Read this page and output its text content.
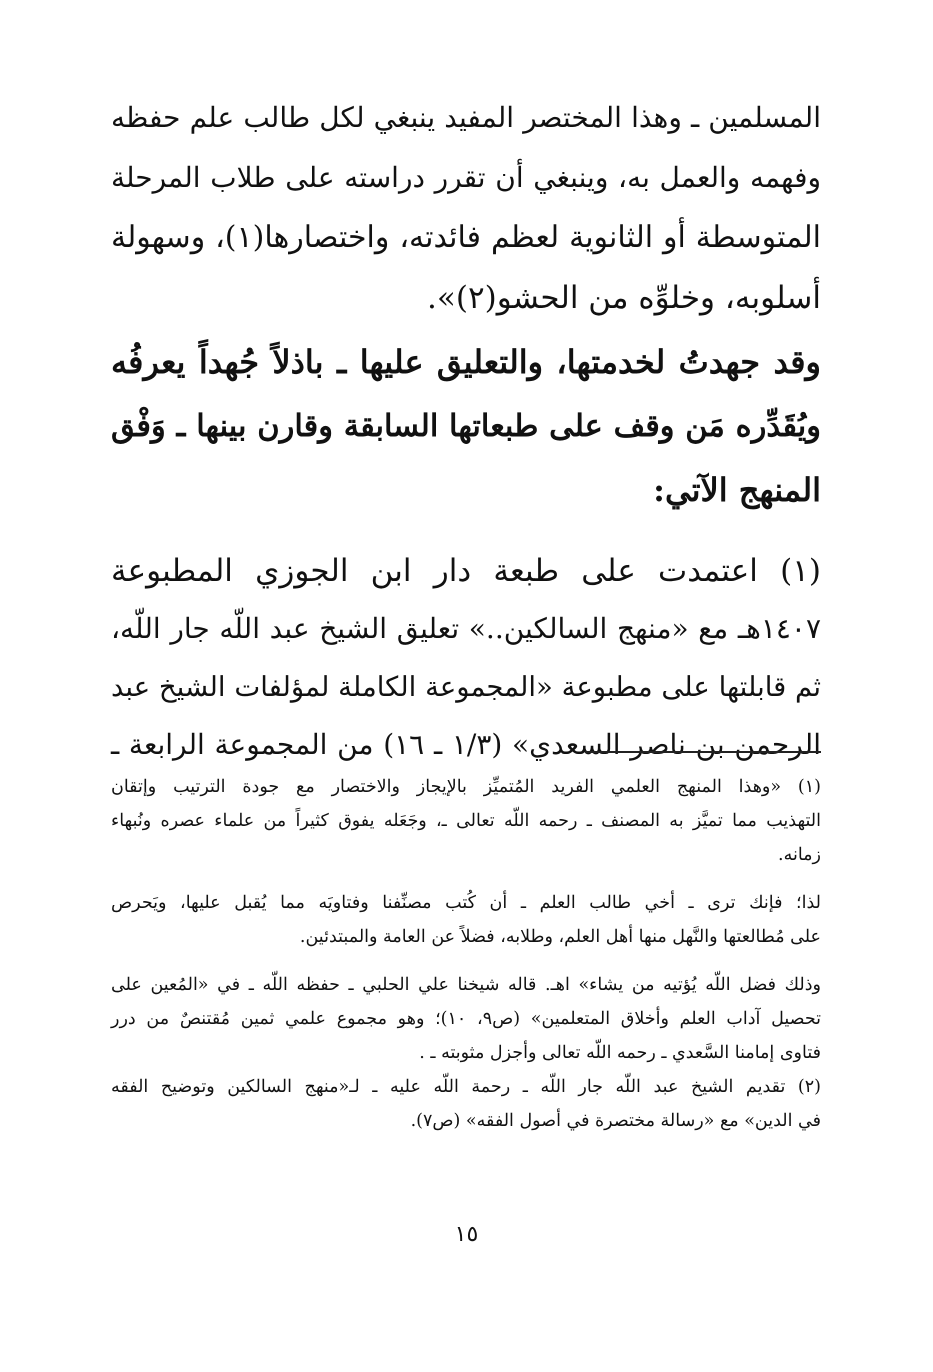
المسلمين ـ وهذا المختصر المفيد ينبغي لكل طالب علم حفظه
وفهمه والعمل به، وينبغي أن تقرر دراسته على طلاب المرحلة
المتوسطة أو الثانوية لعظم فائدته، واختصارها(١)، وسهولة
أسلوبه، وخلوِّه من الحشو(٢)».
وقد جهدتُ لخدمتها، والتعليق عليها ـ باذلاً جُهداً يعرفُه
ويُقَدِّره مَن وقف على طبعاتها السابقة وقارن بينها ـ وَفْق
المنهج الآتي:
(١) اعتمدت على طبعة دار ابن الجوزي المطبوعة
١٤٠٧هـ مع «منهج السالكين..» تعليق الشيخ عبد اللّه جار اللّه،
ثم قابلتها على مطبوعة «المجموعة الكاملة لمؤلفات الشيخ عبد
الرحمن بن ناصر السعدي» (١/٣ ـ ١٦) من المجموعة الرابعة ـ
(١) «وهذا المنهج العلمي الفريد المُتميِّز بالإيجاز والاختصار مع جودة الترتيب وإتقان
التهذيب مما تميَّز به المصنف ـ رحمه اللّه تعالى ـ، وجَعَله يفوق كثيراً من علماء عصره ونُبهاء
زمانه.
لذا؛ فإنك ترى ـ أخي طالب العلم ـ أن كُتب مصنِّفنا وفتاويَه مما يُقبل عليها، ويَحرص
على مُطالعتها والنَّهل منها أهل العلم، وطلابه، فضلاً عن العامة والمبتدئين.
وذلك فضل اللّه يُؤتيه من يشاء» اهـ. قاله شيخنا علي الحلبي ـ حفظه اللّه ـ في «المُعين على
تحصيل آداب العلم وأخلاق المتعلمين» (ص٩، ١٠)؛ وهو مجموع علمي ثمين مُقتنصٌ من درر
فتاوى إمامنا السَّعدي ـ رحمه اللّه تعالى وأجزل مثوبته ـ .
(٢) تقديم الشيخ عبد اللّه جار اللّه ـ رحمة اللّه عليه ـ لـ«منهج السالكين وتوضيح الفقه
في الدين» مع «رسالة مختصرة في أصول الفقه» (ص٧).
١٥
